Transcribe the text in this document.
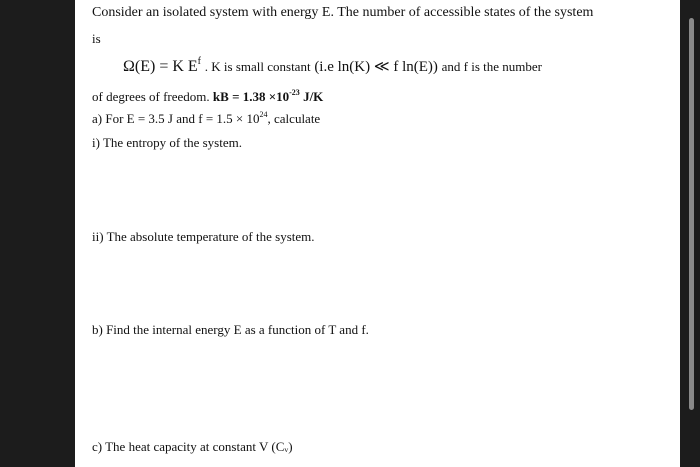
Consider an isolated system with energy E. The number of accessible states of the system
is
Ω(E) = K $E^f$ . K is small constant (i.e ln(K) ≪ f ln(E)) and f is the number
of degrees of freedom. kB = $1.38 \times 10^{-23}$ J/K
a) For E = 3.5 J and $f = 1.5 \times 10^{24}$, calculate
i) The entropy of the system.
ii) The absolute temperature of the system.
b) Find the internal energy E as a function of T and f.
c) The heat capacity at constant V (Cᵥ)
